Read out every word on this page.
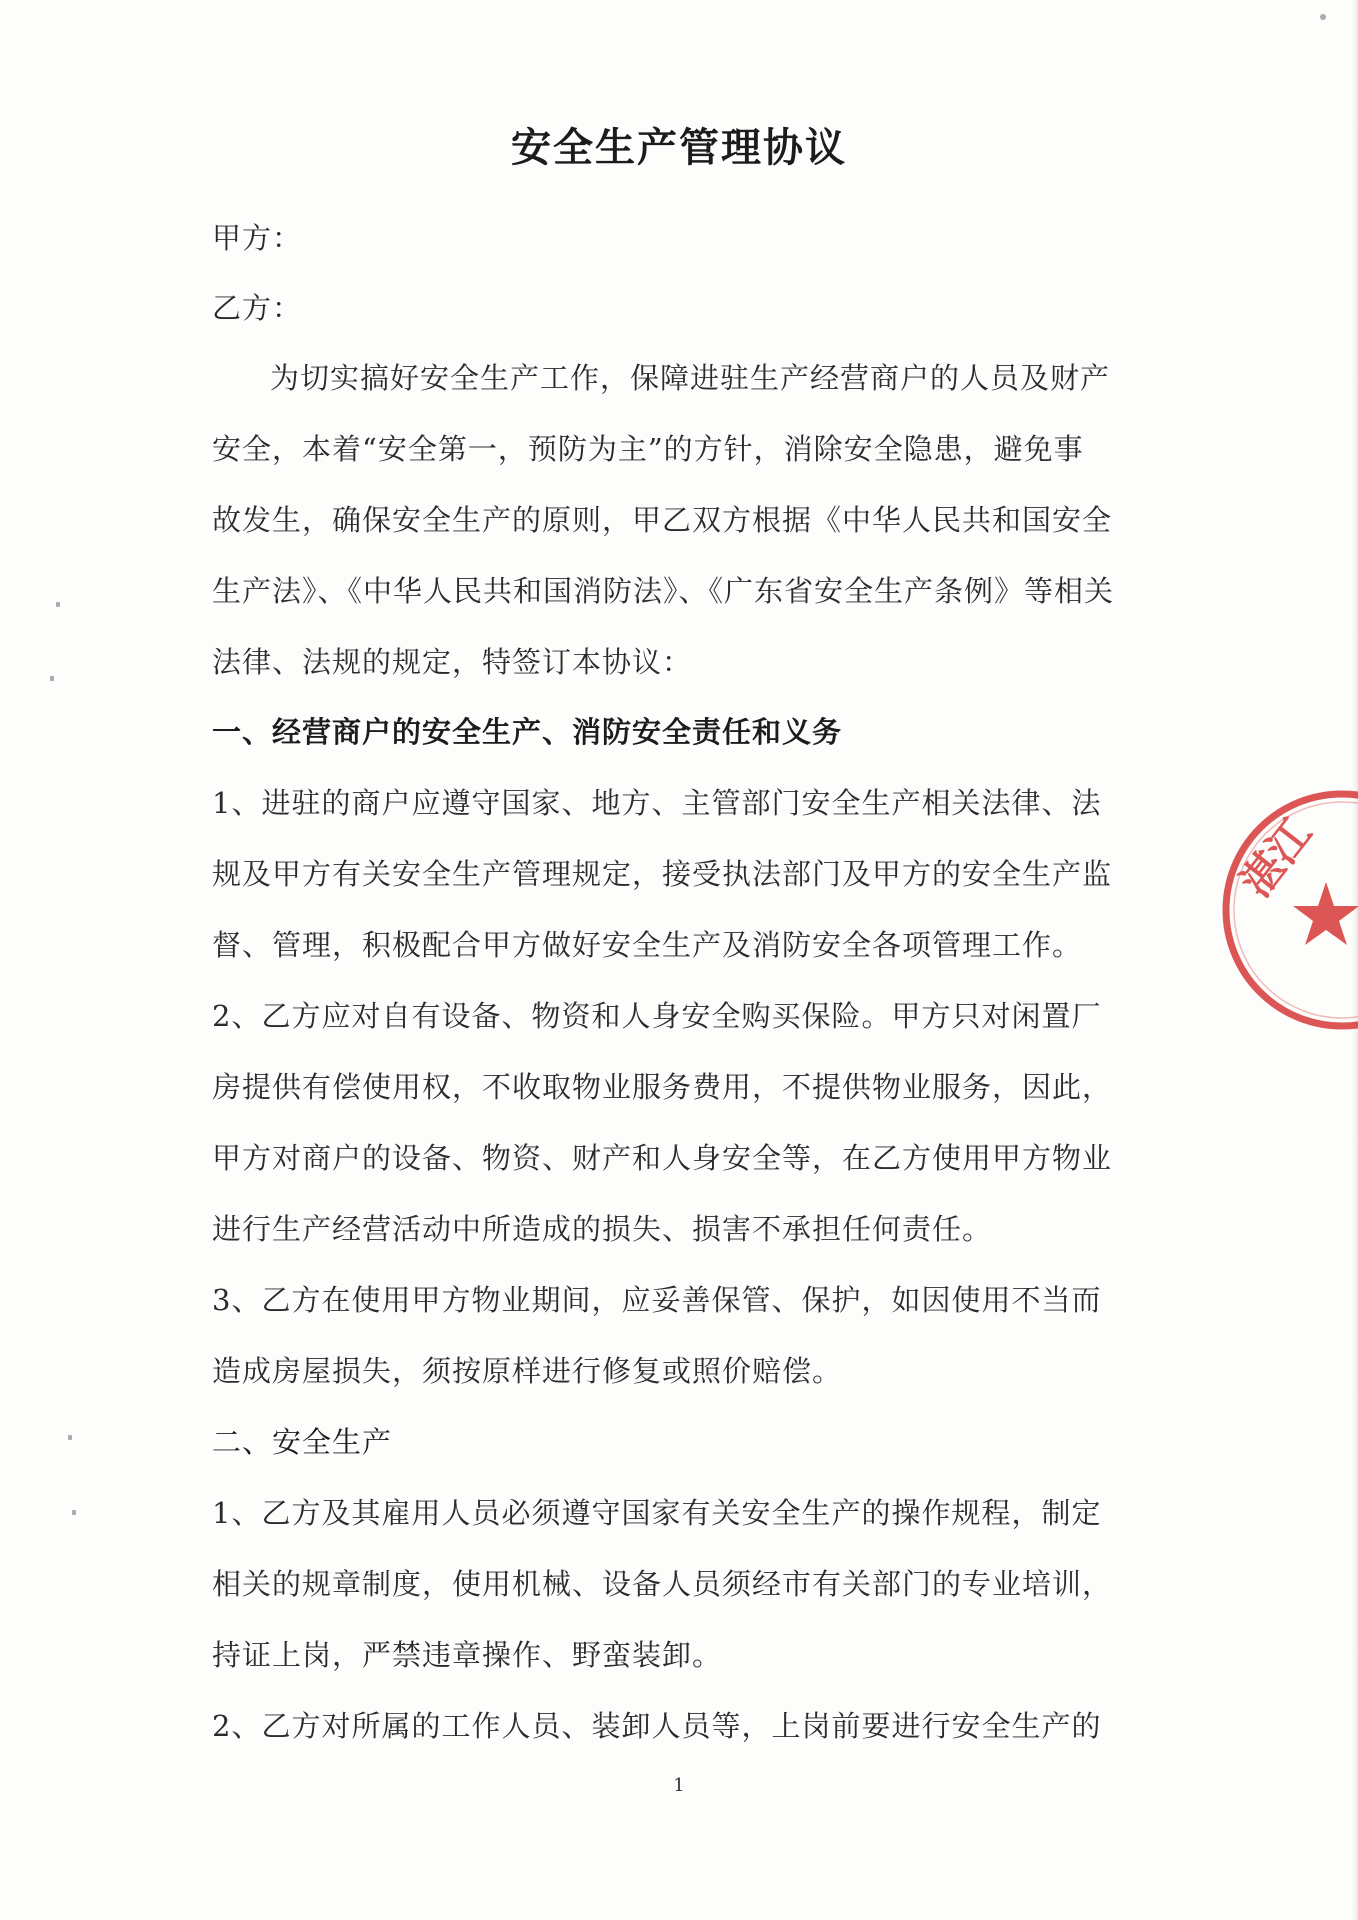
安全生产管理协议
甲方：
乙方：
为切实搞好安全生产工作，保障进驻生产经营商户的人员及财产
安全，本着“安全第一，预防为主”的方针，消除安全隐患，避免事
故发生，确保安全生产的原则，甲乙双方根据《中华人民共和国安全
生产法》、《中华人民共和国消防法》、《广东省安全生产条例》等相关
法律、法规的规定，特签订本协议：
一、经营商户的安全生产、消防安全责任和义务
1、进驻的商户应遵守国家、地方、主管部门安全生产相关法律、法
规及甲方有关安全生产管理规定，接受执法部门及甲方的安全生产监
督、管理，积极配合甲方做好安全生产及消防安全各项管理工作。
2、乙方应对自有设备、物资和人身安全购买保险。甲方只对闲置厂
房提供有偿使用权，不收取物业服务费用，不提供物业服务，因此，
甲方对商户的设备、物资、财产和人身安全等，在乙方使用甲方物业
进行生产经营活动中所造成的损失、损害不承担任何责任。
3、乙方在使用甲方物业期间，应妥善保管、保护，如因使用不当而
造成房屋损失，须按原样进行修复或照价赔偿。
二、安全生产
1、乙方及其雇用人员必须遵守国家有关安全生产的操作规程，制定
相关的规章制度，使用机械、设备人员须经市有关部门的专业培训，
持证上岗，严禁违章操作、野蛮装卸。
2、乙方对所属的工作人员、装卸人员等，上岗前要进行安全生产的
1
湛江
